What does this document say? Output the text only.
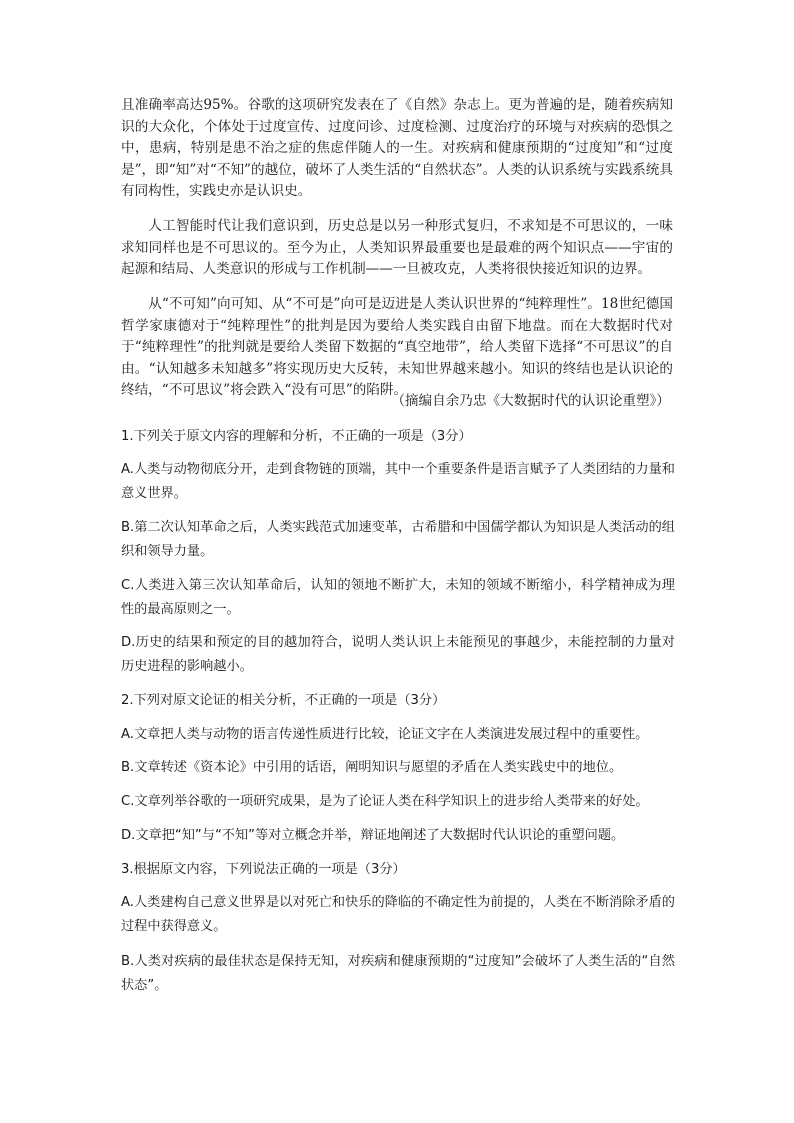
且准确率高达95%。谷歌的这项研究发表在了《自然》杂志上。更为普遍的是，随着疾病知识的大众化，个体处于过度宣传、过度问诊、过度检测、过度治疗的环境与对疾病的恐惧之中，患病，特别是患不治之症的焦虑伴随人的一生。对疾病和健康预期的“过度知”和“过度是”，即“知”对“不知”的越位，破坏了人类生活的“自然状态”。人类的认识系统与实践系统具有同构性，实践史亦是认识史。

人工智能时代让我们意识到，历史总是以另一种形式复归，不求知是不可思议的，一味求知同样也是不可思议的。至今为止，人类知识界最重要也是最难的两个知识点——宇宙的起源和结局、人类意识的形成与工作机制——一旦被攻克，人类将很快接近知识的边界。

从“不可知”向可知、从“不可是”向可是迈进是人类认识世界的“纯粹理性”。18世纪德国哲学家康德对于“纯粹理性”的批判是因为要给人类实践自由留下地盘。而在大数据时代对于“纯粹理性”的批判就是要给人类留下数据的“真空地带”，给人类留下选择“不可思议”的自由。“认知越多未知越多”将实现历史大反转，未知世界越来越小。知识的终结也是认识论的终结，“不可思议”将会跌入“没有可思”的陷阱。

（摘编自余乃忠《大数据时代的认识论重塑》）

1.下列关于原文内容的理解和分析，不正确的一项是（3分）

A.人类与动物彻底分开，走到食物链的顶端，其中一个重要条件是语言赋予了人类团结的力量和意义世界。

B.第二次认知革命之后，人类实践范式加速变革，古希腊和中国儒学都认为知识是人类活动的组织和领导力量。

C.人类进入第三次认知革命后，认知的领地不断扩大，未知的领域不断缩小，科学精神成为理性的最高原则之一。

D.历史的结果和预定的目的越加符合，说明人类认识上未能预见的事越少，未能控制的力量对历史进程的影响越小。

2.下列对原文论证的相关分析，不正确的一项是（3分）

A.文章把人类与动物的语言传递性质进行比较，论证文字在人类演进发展过程中的重要性。

B.文章转述《资本论》中引用的话语，阐明知识与愿望的矛盾在人类实践史中的地位。

C.文章列举谷歌的一项研究成果，是为了论证人类在科学知识上的进步给人类带来的好处。

D.文章把“知”与“不知”等对立概念并举，辩证地阐述了大数据时代认识论的重塑问题。

3.根据原文内容，下列说法正确的一项是（3分）

A.人类建构自己意义世界是以对死亡和快乐的降临的不确定性为前提的，人类在不断消除矛盾的过程中获得意义。

B.人类对疾病的最佳状态是保持无知，对疾病和健康预期的“过度知”会破坏了人类生活的“自然状态”。
